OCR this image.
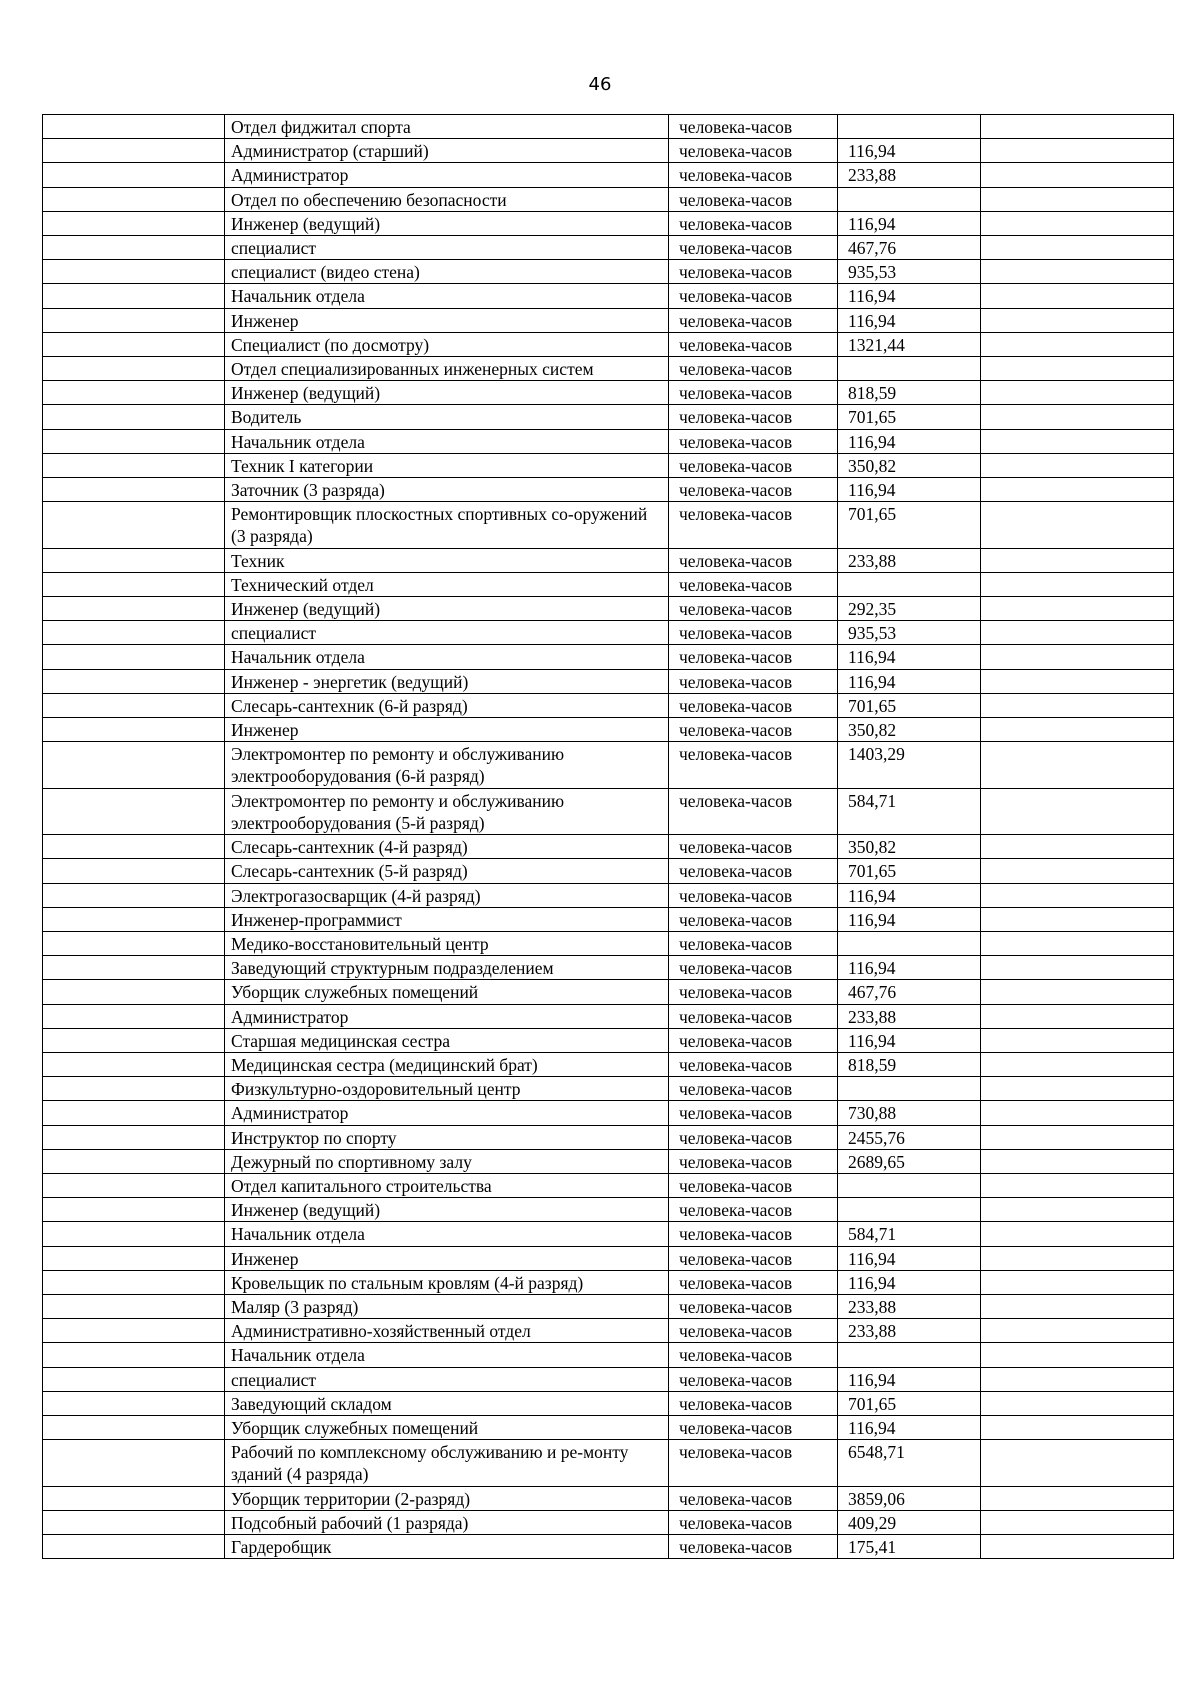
46
	Отдел фиджитал спорта	человека-часов		
	Администратор (старший)	человека-часов	116,94	
	Администратор	человека-часов	233,88	
	Отдел по обеспечению безопасности	человека-часов		
	Инженер (ведущий)	человека-часов	116,94	
	специалист	человека-часов	467,76	
	специалист (видео стена)	человека-часов	935,53	
	Начальник отдела	человека-часов	116,94	
	Инженер	человека-часов	116,94	
	Специалист (по досмотру)	человека-часов	1321,44	
	Отдел специализированных инженерных систем	человека-часов		
	Инженер (ведущий)	человека-часов	818,59	
	Водитель	человека-часов	701,65	
	Начальник отдела	человека-часов	116,94	
	Техник I категории	человека-часов	350,82	
	Заточник (3 разряда)	человека-часов	116,94	
	Ремонтировщик плоскостных спортивных со-оружений (3 разряда)	человека-часов	701,65	
	Техник	человека-часов	233,88	
	Технический отдел	человека-часов		
	Инженер (ведущий)	человека-часов	292,35	
	специалист	человека-часов	935,53	
	Начальник отдела	человека-часов	116,94	
	Инженер - энергетик (ведущий)	человека-часов	116,94	
	Слесарь-сантехник (6-й разряд)	человека-часов	701,65	
	Инженер	человека-часов	350,82	
	Электромонтер по ремонту и обслуживанию электрооборудования (6-й разряд)	человека-часов	1403,29	
	Электромонтер по ремонту и обслуживанию электрооборудования (5-й разряд)	человека-часов	584,71	
	Слесарь-сантехник (4-й разряд)	человека-часов	350,82	
	Слесарь-сантехник (5-й разряд)	человека-часов	701,65	
	Электрогазосварщик (4-й разряд)	человека-часов	116,94	
	Инженер-программист	человека-часов	116,94	
	Медико-восстановительный центр	человека-часов		
	Заведующий структурным подразделением	человека-часов	116,94	
	Уборщик служебных помещений	человека-часов	467,76	
	Администратор	человека-часов	233,88	
	Старшая медицинская сестра	человека-часов	116,94	
	Медицинская сестра (медицинский брат)	человека-часов	818,59	
	Физкультурно-оздоровительный центр	человека-часов		
	Администратор	человека-часов	730,88	
	Инструктор по спорту	человека-часов	2455,76	
	Дежурный по спортивному залу	человека-часов	2689,65	
	Отдел капитального строительства	человека-часов		
	Инженер (ведущий)	человека-часов		
	Начальник отдела	человека-часов	584,71	
	Инженер	человека-часов	116,94	
	Кровельщик по стальным кровлям (4-й разряд)	человека-часов	116,94	
	Маляр (3 разряд)	человека-часов	233,88	
	Административно-хозяйственный отдел	человека-часов	233,88	
	Начальник отдела	человека-часов		
	специалист	человека-часов	116,94	
	Заведующий складом	человека-часов	701,65	
	Уборщик служебных помещений	человека-часов	116,94	
	Рабочий по комплексному обслуживанию и ре-монту зданий (4 разряда)	человека-часов	6548,71	
	Уборщик территории (2-разряд)	человека-часов	3859,06	
	Подсобный рабочий (1 разряда)	человека-часов	409,29	
	Гардеробщик	человека-часов	175,41	
